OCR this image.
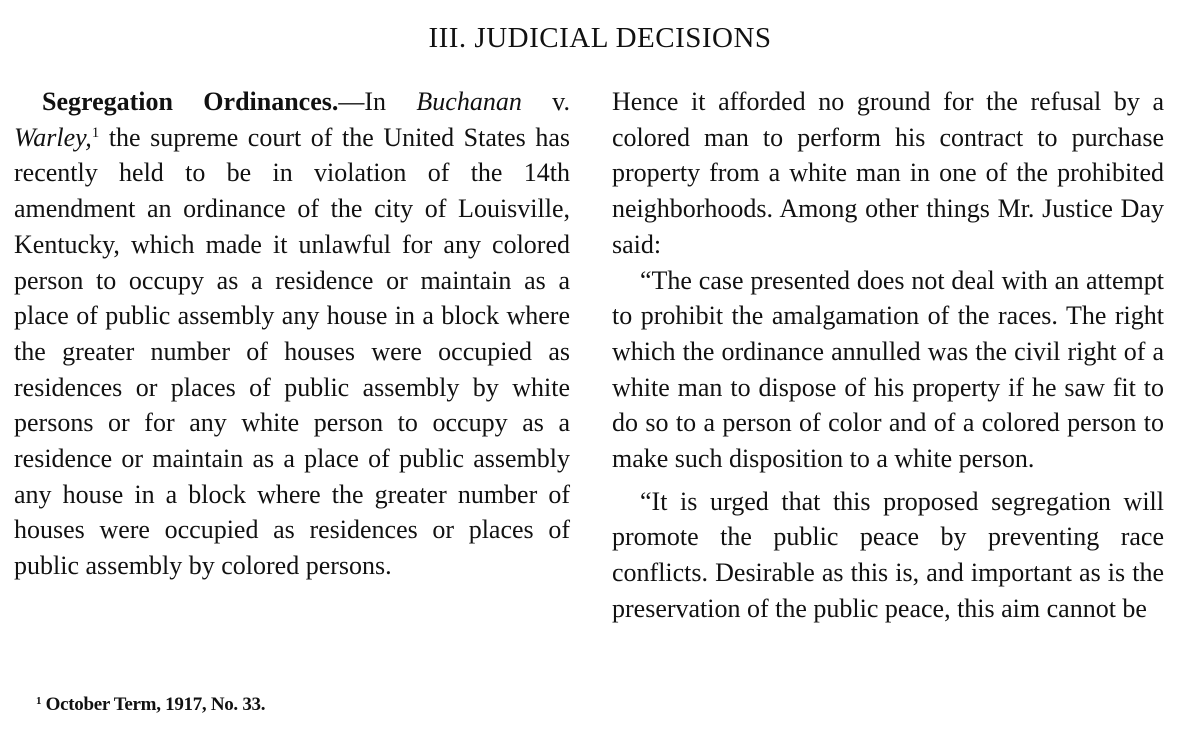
III. JUDICIAL DECISIONS

Segregation Ordinances.—In Buchanan v. Warley,$^1$ the supreme court of the United States has recently held to be in violation of the 14th amendment an ordinance of the city of Louisville, Kentucky, which made it unlawful for any colored person to occupy as a residence or maintain as a place of public assembly any house in a block where the greater number of houses were occupied as residences or places of public assembly by white persons or for any white person to occupy as a residence or maintain as a place of public assembly any house in a block where the greater number of houses were occupied as residences or places of public assembly by colored persons.

$^1$ October Term, 1917, No. 33.

Hence it afforded no ground for the refusal by a colored man to perform his contract to purchase property from a white man in one of the prohibited neighborhoods. Among other things Mr. Justice Day said:

“The case presented does not deal with an attempt to prohibit the amalgamation of the races. The right which the ordinance annulled was the civil right of a white man to dispose of his property if he saw fit to do so to a person of color and of a colored person to make such disposition to a white person.

“It is urged that this proposed segregation will promote the public peace by preventing race conflicts. Desirable as this is, and important as is the preservation of the public peace, this aim cannot be
